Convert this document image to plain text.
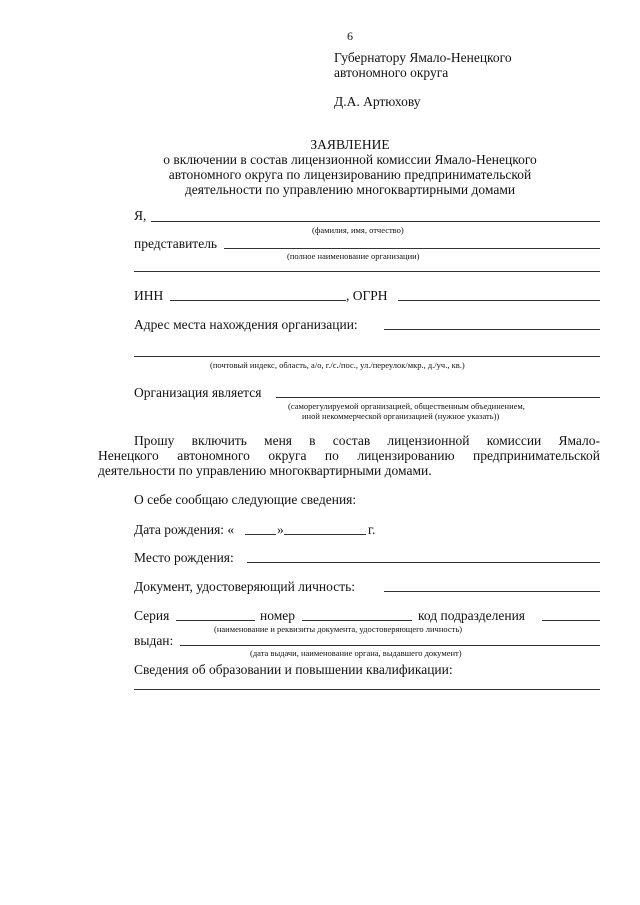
6
Губернатору Ямало-Ненецкого
автономного округа
Д.А. Артюхову
ЗАЯВЛЕНИЕ
о включении в состав лицензионной комиссии Ямало-Ненецкого
автономного округа по лицензированию предпринимательской
деятельности по управлению многоквартирными домами
Я,
(фамилия, имя, отчество)
представитель
(полное наименование организации)
ИНН	, ОГРН
Адрес места нахождения организации:
(почтовый индекс, область, а/о, г./с./пос., ул./переулок/мкр., д./уч., кв.)
Организация является
(саморегулируемой организацией, общественным объединением,
иной некоммерческой организацией (нужное указать))
Прошу включить меня в состав лицензионной комиссии Ямало-
Ненецкого автономного округа по лицензированию предпринимательской
деятельности по управлению многоквартирными домами.
О себе сообщаю следующие сведения:
Дата рождения: «	»	г.
Место рождения:
Документ, удостоверяющий личность:
Серия	номер	код подразделения
(наименование и реквизиты документа, удостоверяющего личность)
выдан:
(дата выдачи, наименование органа, выдавшего документ)
Сведения об образовании и повышении квалификации:
